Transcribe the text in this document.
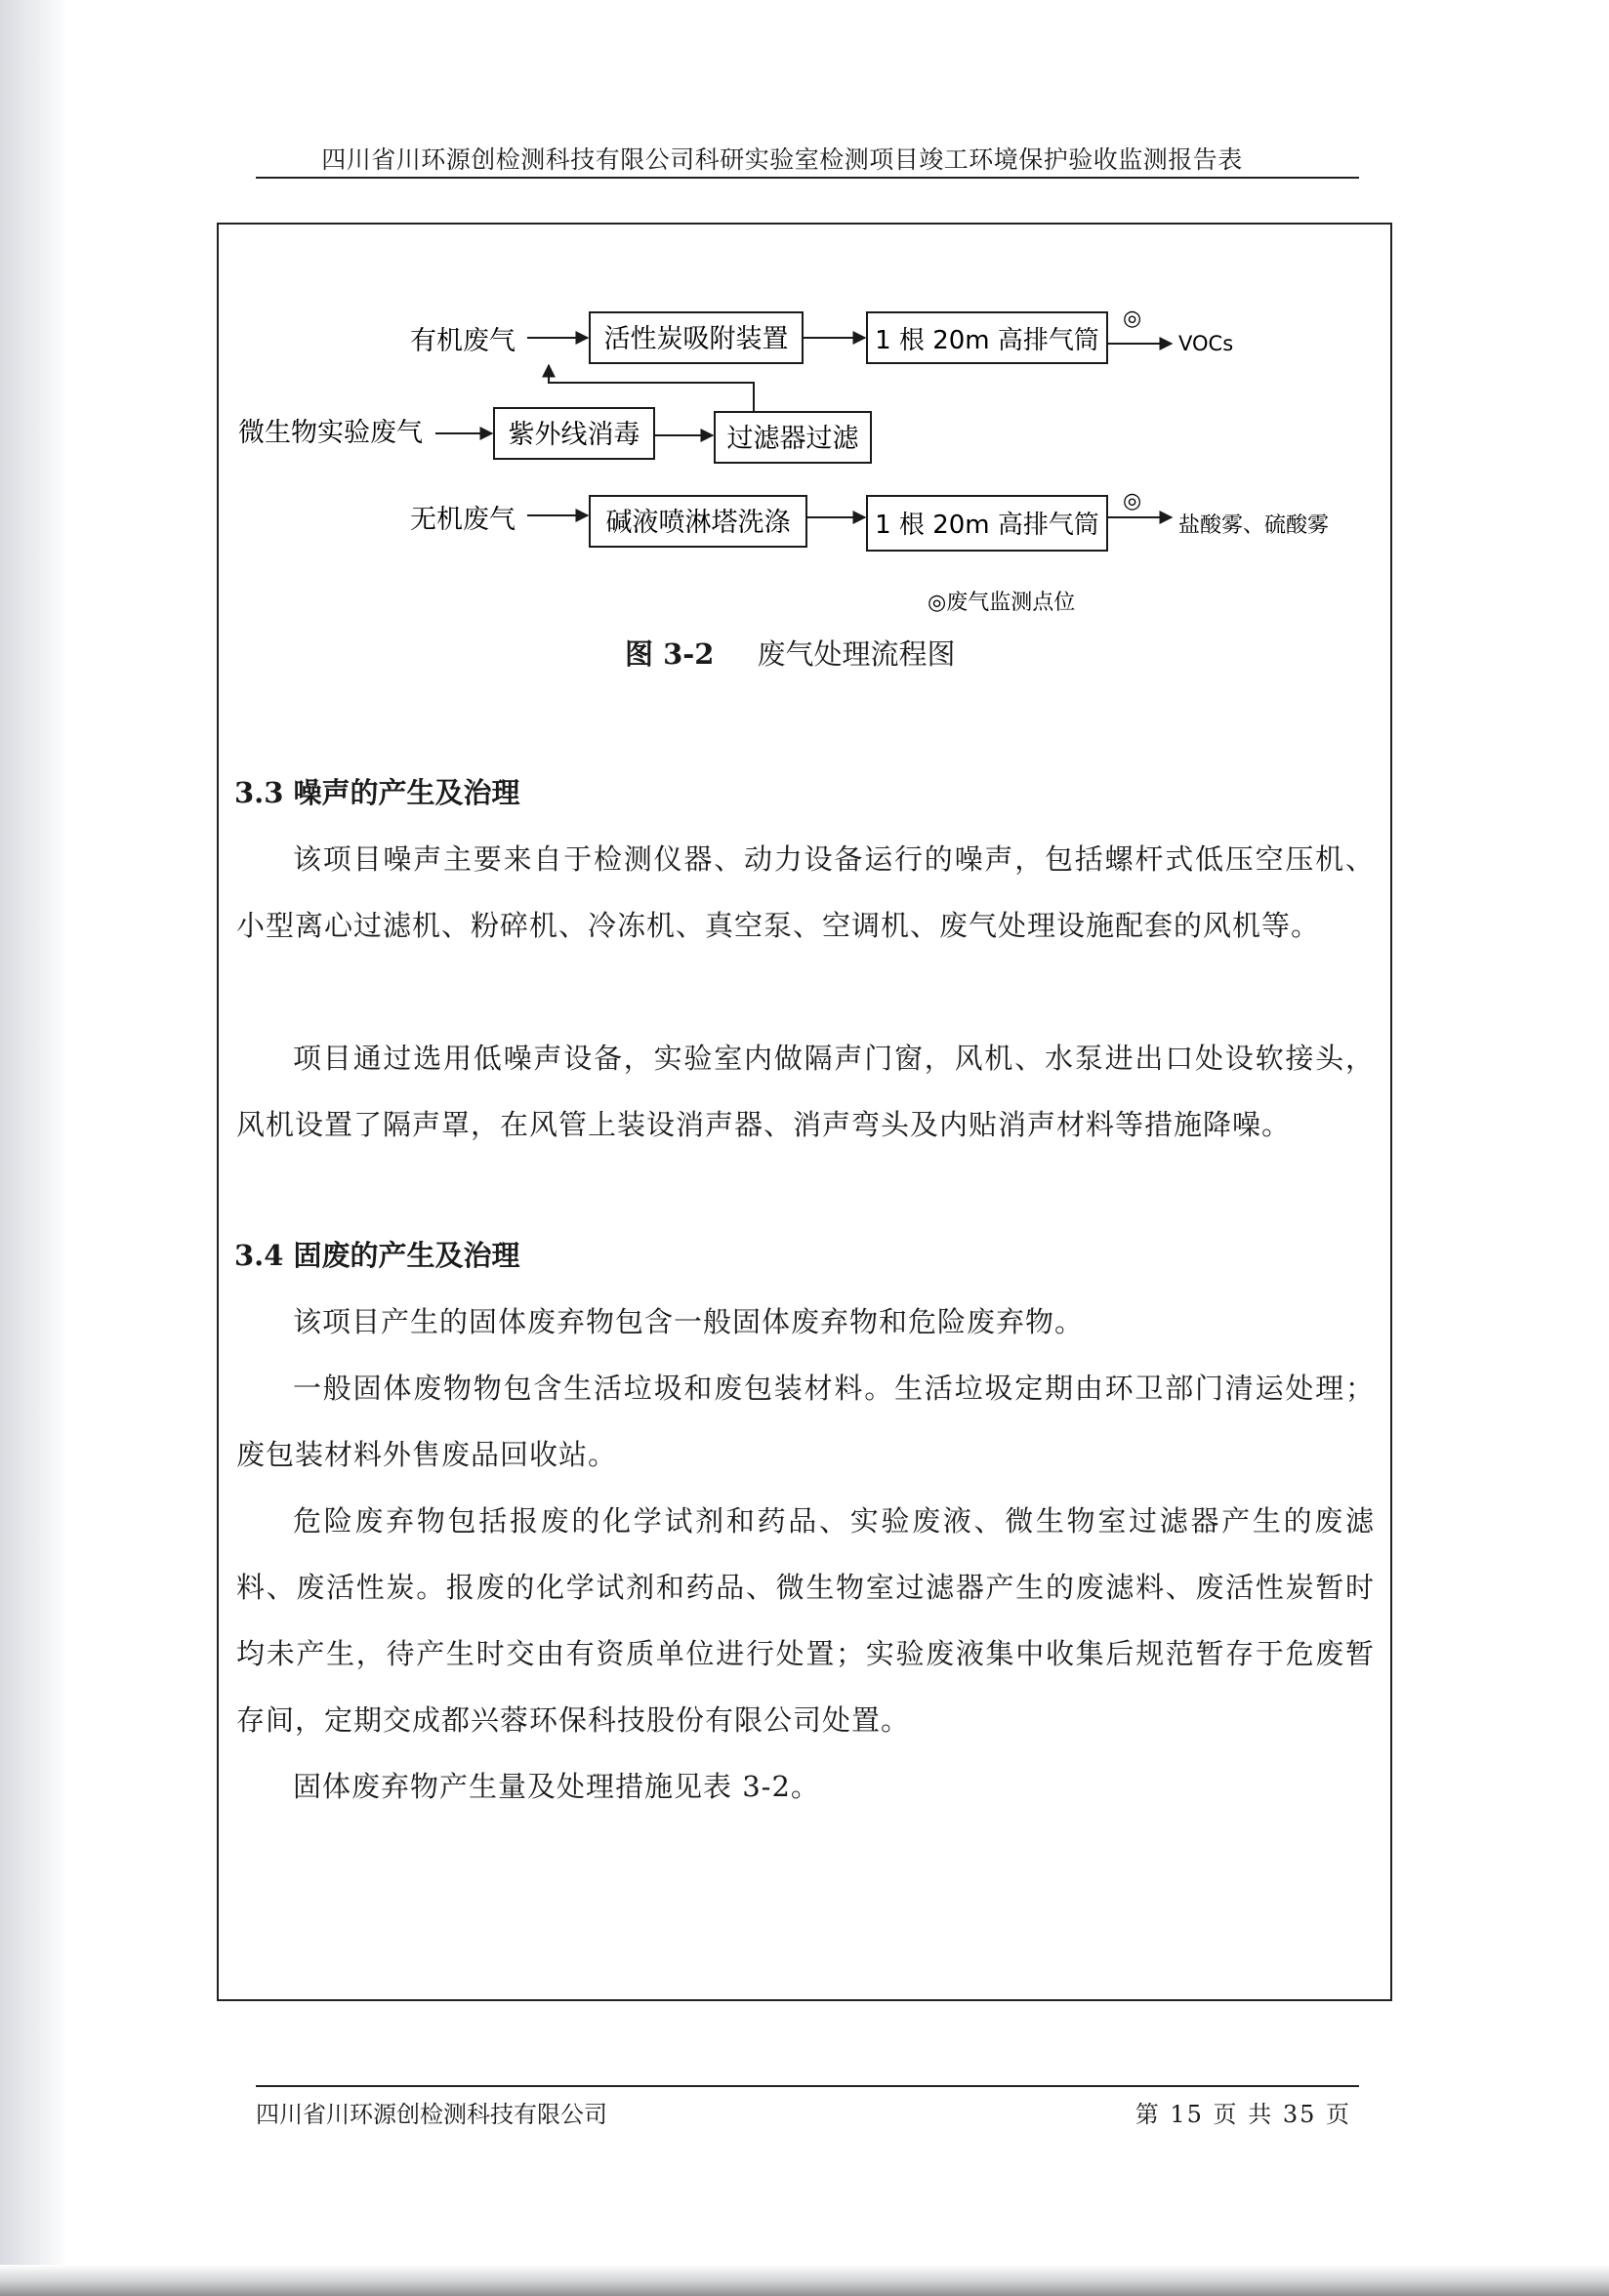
四川省川环源创检测科技有限公司科研实验室检测项目竣工环境保护验收监测报告表
有机废气	活性炭吸附装置	1 根 20m 高排气筒
◎
VOCs
微生物实验废气	紫外线消毒	过滤器过滤
无机废气	碱液喷淋塔洗涤	1 根 20m 高排气筒
◎
盐酸雾、硫酸雾
◎废气监测点位
图 3-2 废气处理流程图
3.3 噪声的产生及治理
该项目噪声主要来自于检测仪器、动力设备运行的噪声，包括螺杆式低压空压机、小型离心过滤机、粉碎机、冷冻机、真空泵、空调机、废气处理设施配套的风机等。
项目通过选用低噪声设备，实验室内做隔声门窗，风机、水泵进出口处设软接头，风机设置了隔声罩，在风管上装设消声器、消声弯头及内贴消声材料等措施降噪。
3.4 固废的产生及治理
该项目产生的固体废弃物包含一般固体废弃物和危险废弃物。
一般固体废物物包含生活垃圾和废包装材料。生活垃圾定期由环卫部门清运处理；废包装材料外售废品回收站。
危险废弃物包括报废的化学试剂和药品、实验废液、微生物室过滤器产生的废滤料、废活性炭。报废的化学试剂和药品、微生物室过滤器产生的废滤料、废活性炭暂时均未产生，待产生时交由有资质单位进行处置；实验废液集中收集后规范暂存于危废暂存间，定期交成都兴蓉环保科技股份有限公司处置。
固体废弃物产生量及处理措施见表 3-2。
四川省川环源创检测科技有限公司	第 15 页 共 35 页
